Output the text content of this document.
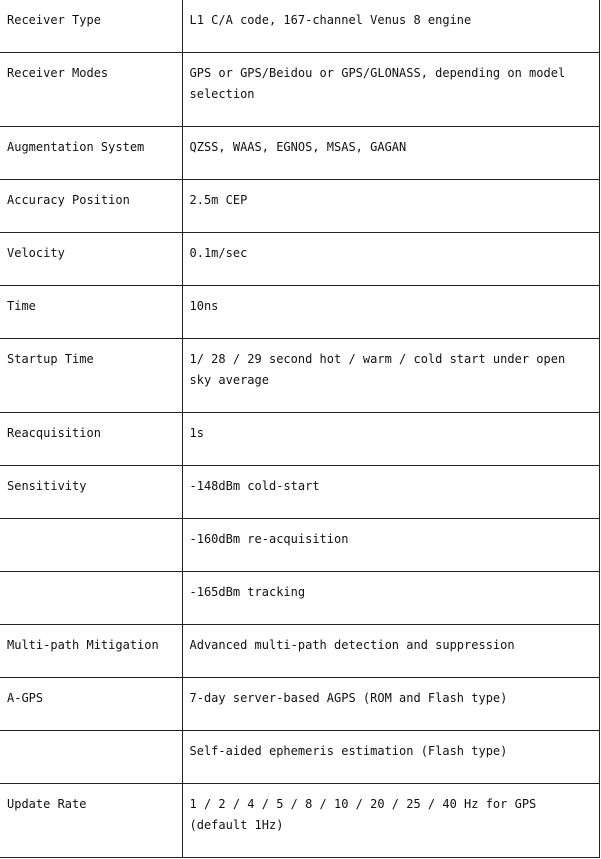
Receiver Type	L1 C/A code, 167-channel Venus 8 engine
Receiver Modes	GPS or GPS/Beidou or GPS/GLONASS, depending on model selection
Augmentation System	QZSS, WAAS, EGNOS, MSAS, GAGAN
Accuracy Position	2.5m CEP
Velocity	0.1m/sec
Time	10ns
Startup Time	1/ 28 / 29 second hot / warm / cold start under open sky average
Reacquisition	1s
Sensitivity	-148dBm cold-start
	-160dBm re-acquisition
	-165dBm tracking
Multi-path Mitigation	Advanced multi-path detection and suppression
A-GPS	7-day server-based AGPS (ROM and Flash type)
	Self-aided ephemeris estimation (Flash type)
Update Rate	1 / 2 / 4 / 5 / 8 / 10 / 20 / 25 / 40 Hz for GPS (default 1Hz)
